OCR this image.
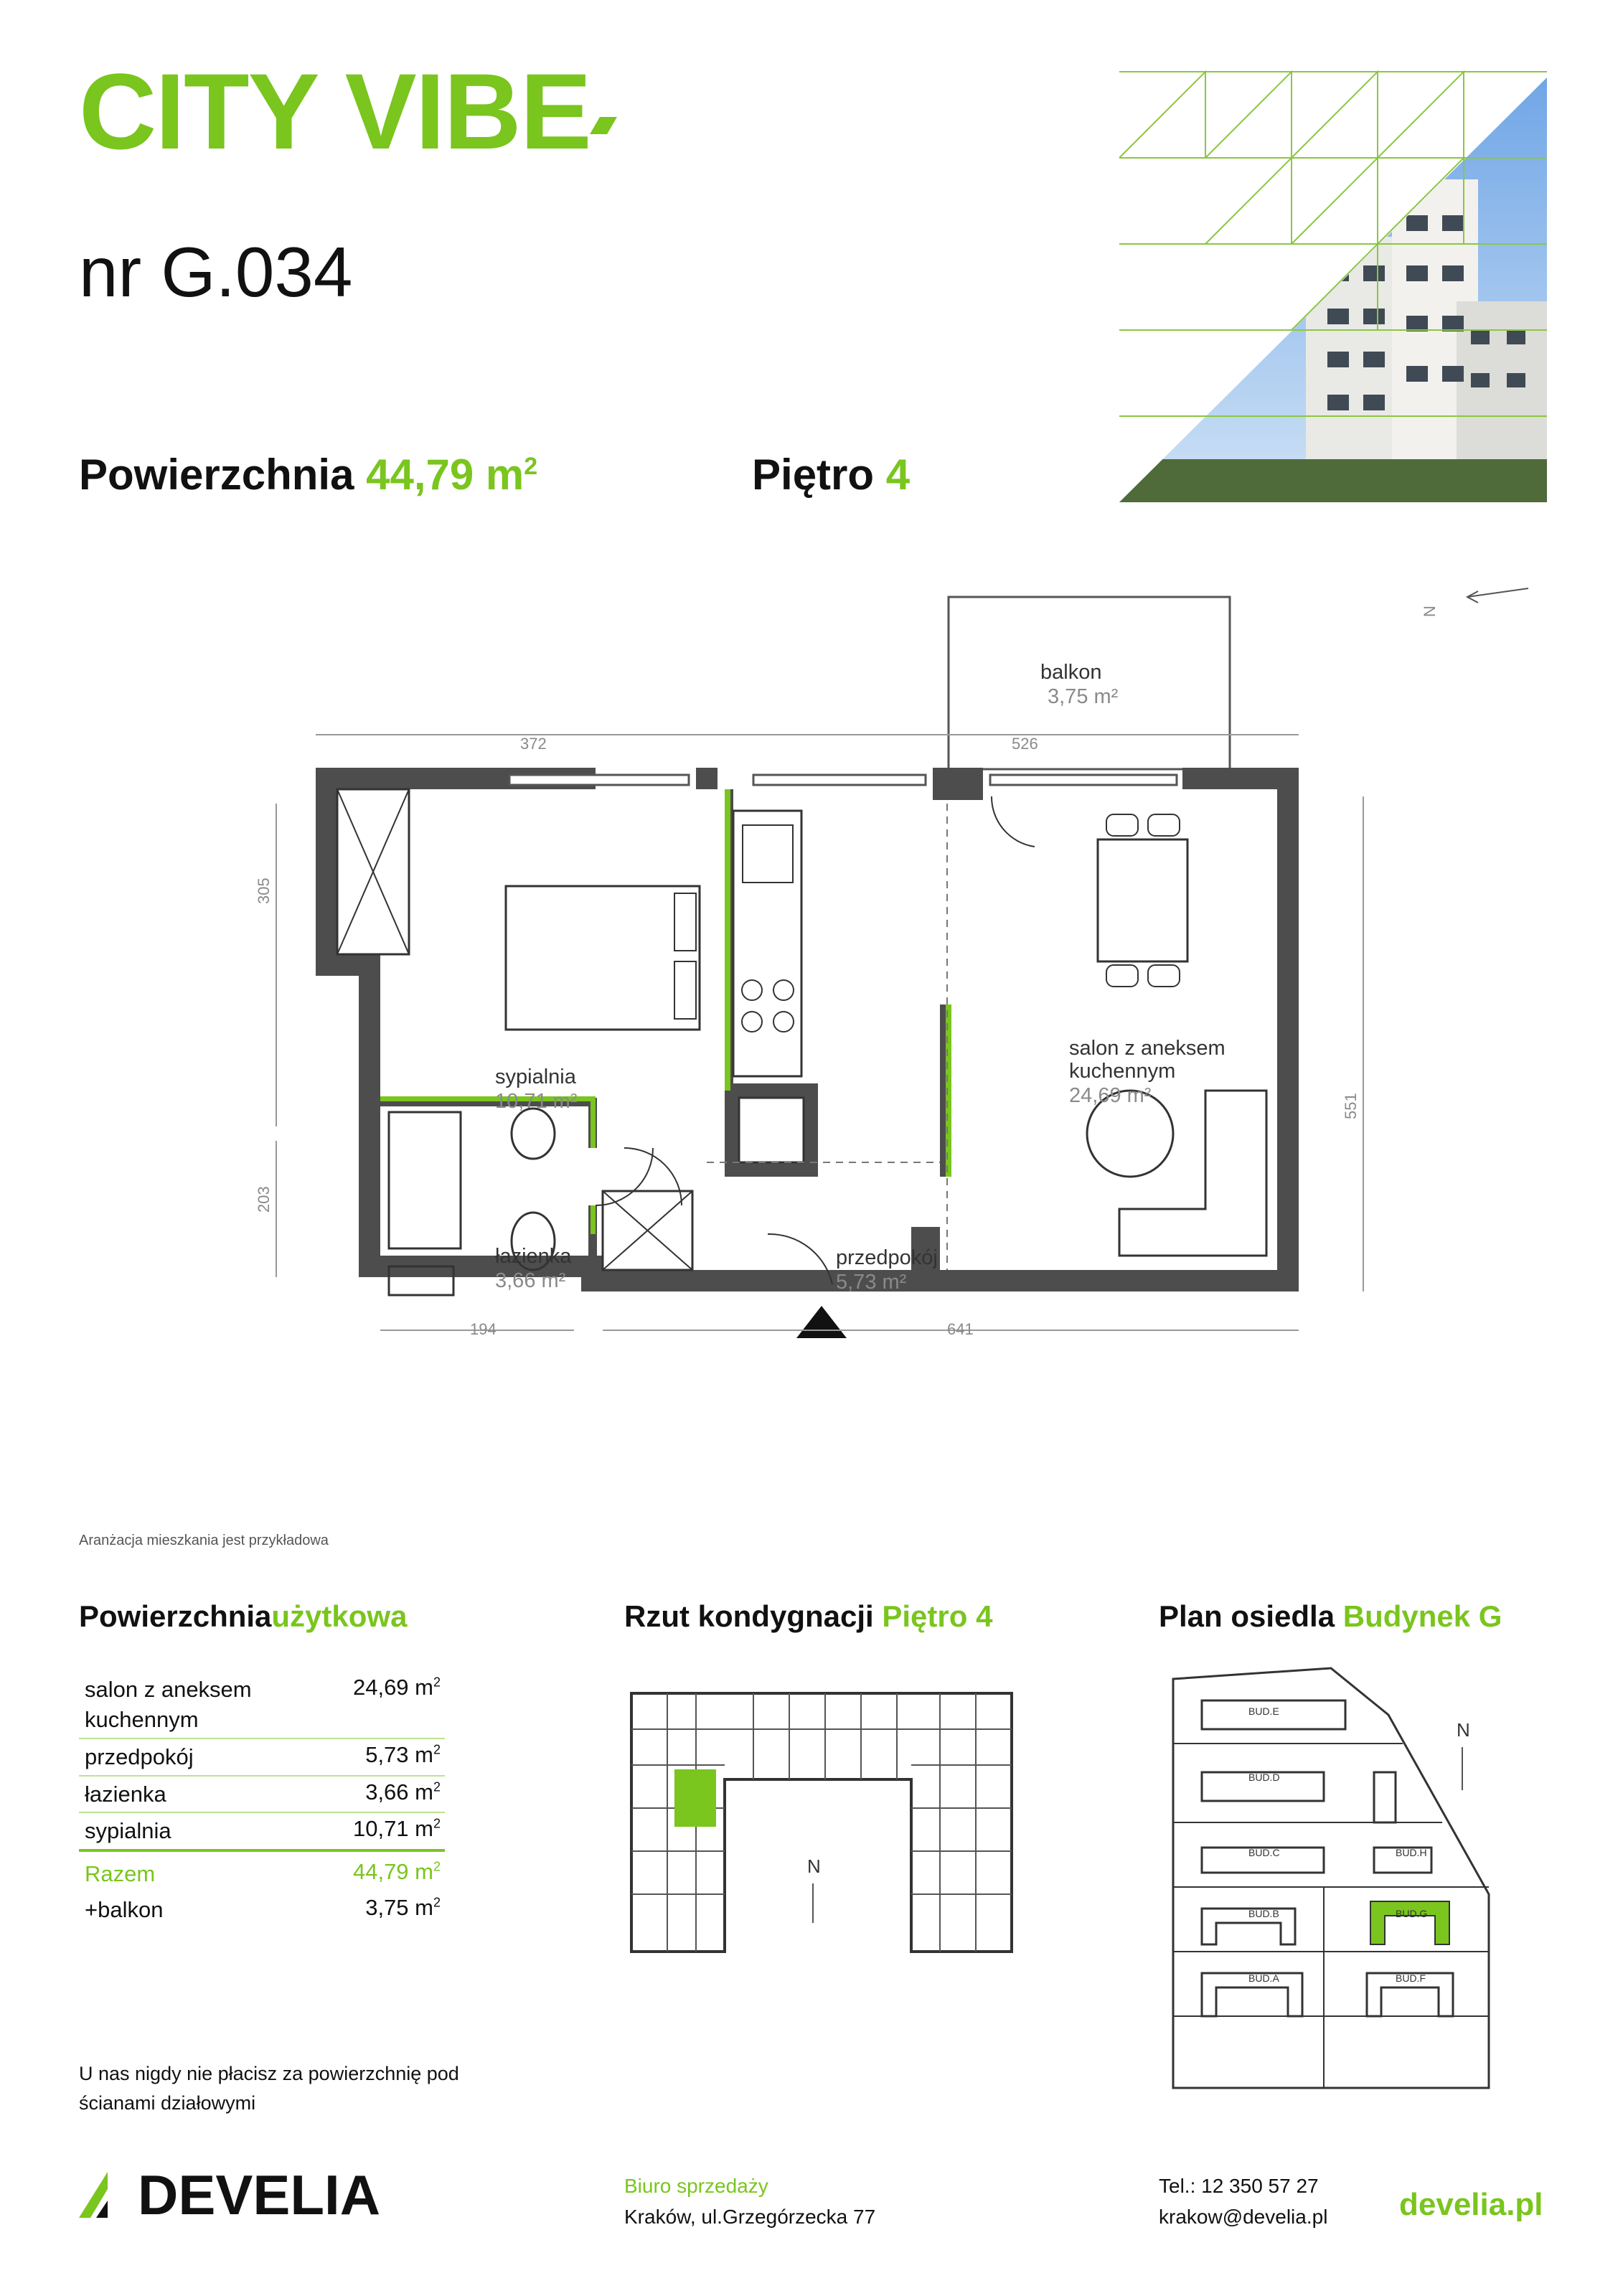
CITY VIBE
nr G.034
Powierzchnia 44,79 $m^2$	Piętro 4
balkon
3,75 m²
sypialnia
10,71 m²
salon z aneksem
kuchennym
24,69 m²
łazienka
3,66 m²
przedpokój
5,73 m²
372	526
305
203
551
194	641
N
Aranżacja mieszkania jest przykładowa
Powierzchniaużytkowa
salon z aneksem kuchennym
24,69 $m^2$
przedpokój	5,73 $m^2$
łazienka	3,66 $m^2$
sypialnia	10,71 $m^2$
Razem	44,79 $m^2$
+balkon	3,75 $m^2$
Rzut kondygnacji Piętro 4
N
Plan osiedla Budynek G
BUD.E
BUD.D
BUD.C	BUD.H
BUD.B	BUD.G
BUD.A	BUD.F
N
U nas nigdy nie płacisz za powierzchnię pod ścianami działowymi
DEVELIA	Biuro sprzedaży
Kraków, ul.Grzegórzecka 77
Tel.: 12 350 57 27
krakow@develia.pl develia.pl
